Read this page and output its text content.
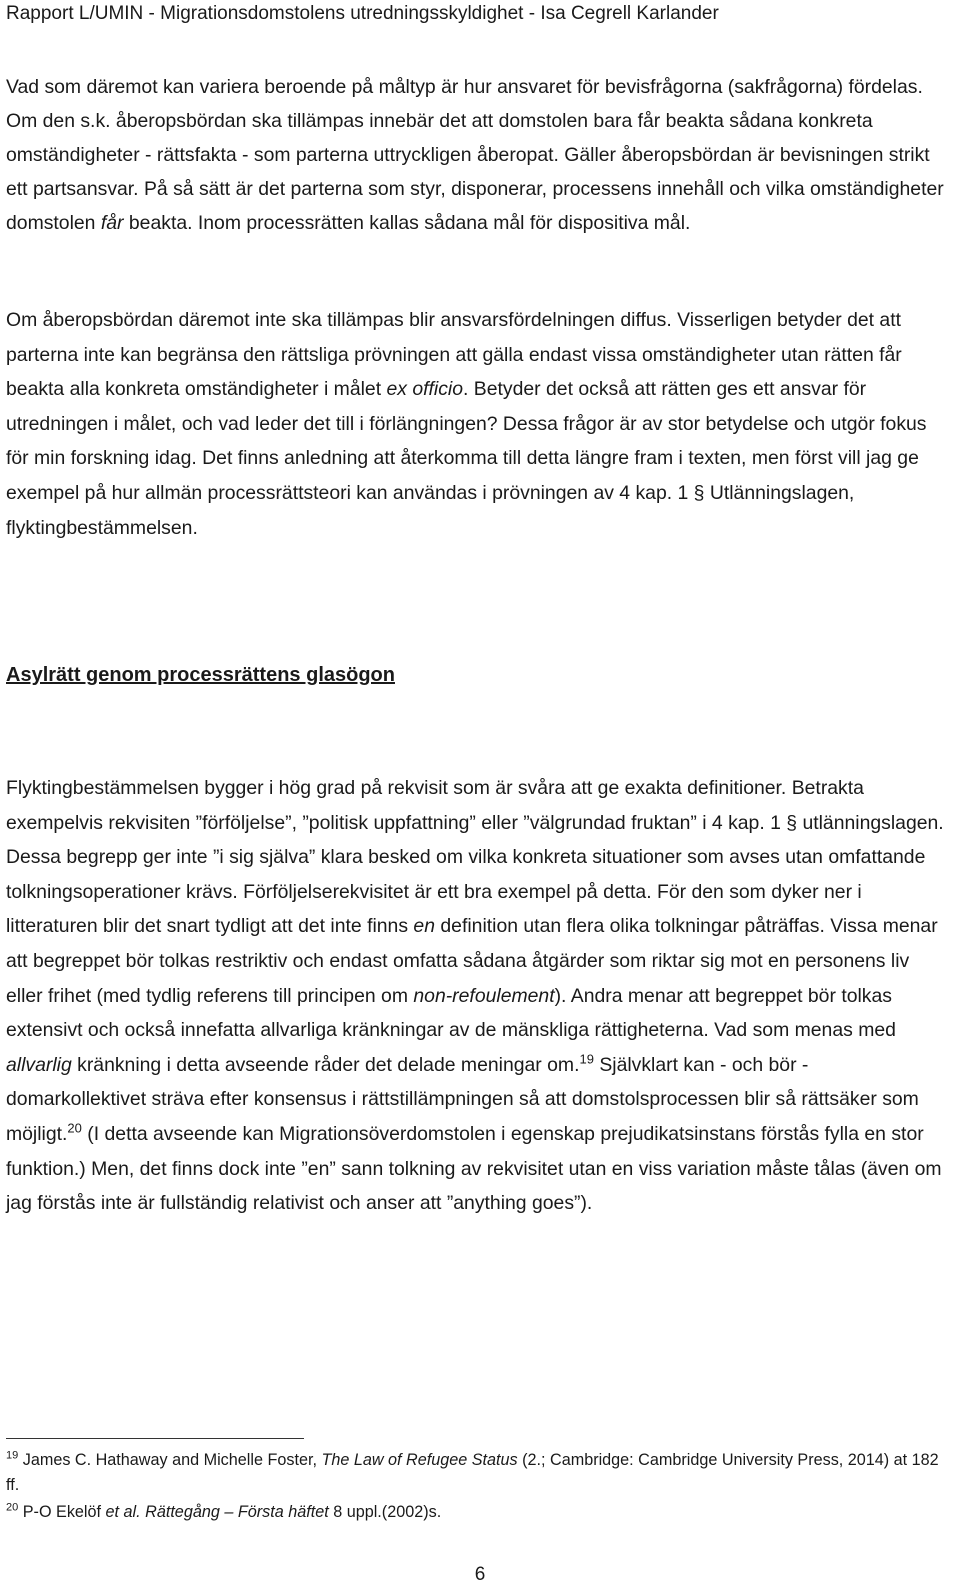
Rapport L/UMIN - Migrationsdomstolens utredningsskyldighet - Isa Cegrell Karlander

Vad som däremot kan variera beroende på måltyp är hur ansvaret för bevisfrågorna (sakfrågorna) fördelas. Om den s.k. åberopsbördan ska tillämpas innebär det att domstolen bara får beakta sådana konkreta omständigheter - rättsfakta - som parterna uttryckligen åberopat. Gäller åberopsbördan är bevisningen strikt ett partsansvar. På så sätt är det parterna som styr, disponerar, processens innehåll och vilka omständigheter domstolen får beakta. Inom processrätten kallas sådana mål för dispositiva mål.

Om åberopsbördan däremot inte ska tillämpas blir ansvarsfördelningen diffus. Visserligen betyder det att parterna inte kan begränsa den rättsliga prövningen att gälla endast vissa omständigheter utan rätten får beakta alla konkreta omständigheter i målet ex officio. Betyder det också att rätten ges ett ansvar för utredningen i målet, och vad leder det till i förlängningen? Dessa frågor är av stor betydelse och utgör fokus för min forskning idag. Det finns anledning att återkomma till detta längre fram i texten, men först vill jag ge exempel på hur allmän processrättsteori kan användas i prövningen av 4 kap. 1 § Utlänningslagen, flyktingbestämmelsen.

Asylrätt genom processrättens glasögon

Flyktingbestämmelsen bygger i hög grad på rekvisit som är svåra att ge exakta definitioner. Betrakta exempelvis rekvisiten ”förföljelse”, ”politisk uppfattning” eller ”välgrundad fruktan” i 4 kap. 1 § utlänningslagen. Dessa begrepp ger inte ”i sig själva” klara besked om vilka konkreta situationer som avses utan omfattande tolkningsoperationer krävs. Förföljelserekvisitet är ett bra exempel på detta. För den som dyker ner i litteraturen blir det snart tydligt att det inte finns en definition utan flera olika tolkningar påträffas. Vissa menar att begreppet bör tolkas restriktiv och endast omfatta sådana åtgärder som riktar sig mot en personens liv eller frihet (med tydlig referens till principen om non-refoulement). Andra menar att begreppet bör tolkas extensivt och också innefatta allvarliga kränkningar av de mänskliga rättigheterna. Vad som menas med allvarlig kränkning i detta avseende råder det delade meningar om.$^{19}$ Självklart kan - och bör - domarkollektivet sträva efter konsensus i rättstillämpningen så att domstolsprocessen blir så rättsäker som möjligt.$^{20}$ (I detta avseende kan Migrationsöverdomstolen i egenskap prejudikatsinstans förstås fylla en stor funktion.) Men, det finns dock inte ”en” sann tolkning av rekvisitet utan en viss variation måste tålas (även om jag förstås inte är fullständig relativist och anser att ”anything goes”).

$^{19}$ James C. Hathaway and Michelle Foster, The Law of Refugee Status (2.; Cambridge: Cambridge University Press, 2014) at 182 ff.

$^{20}$ P-O Ekelöf et al. Rättegång – Första häftet 8 uppl.(2002)s.

6
